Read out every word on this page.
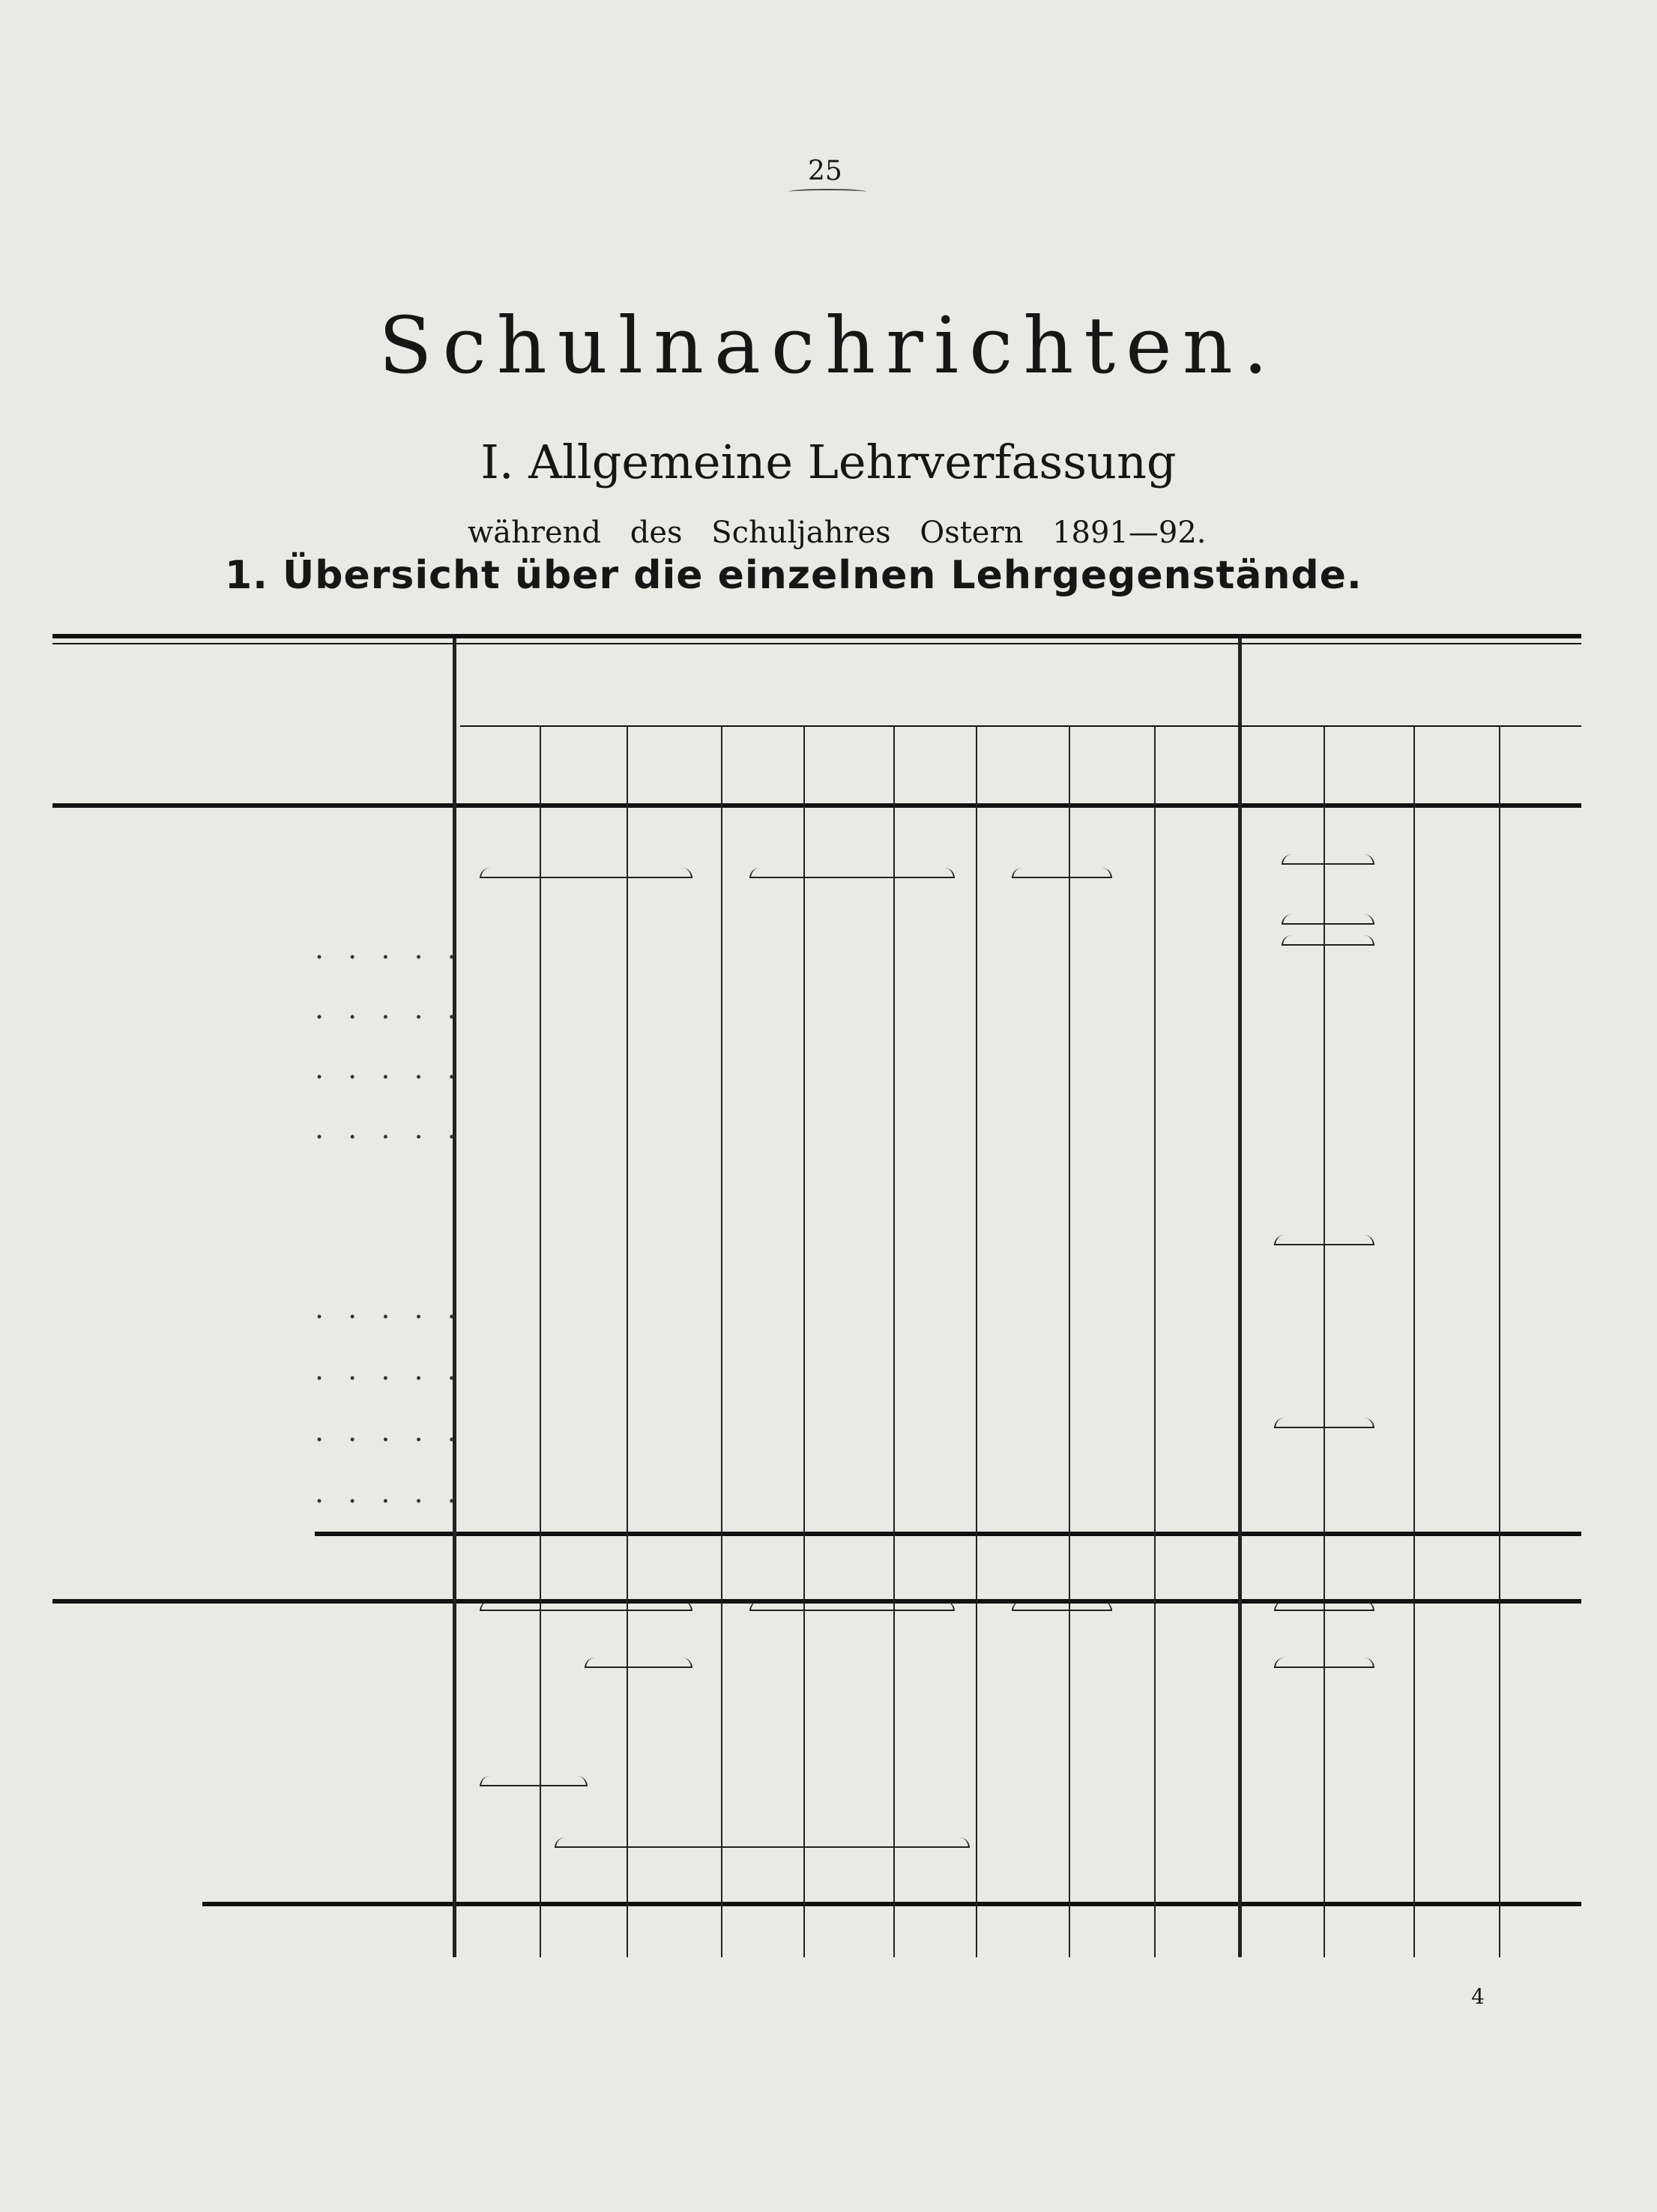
25
Schulnachrichten.
I. Allgemeine Lehrverfassung
während des Schuljahres Ostern 1891—92.
1. Übersicht über die einzelnen Lehrgegenstände.
. . . . .
. . . . .
. . . . .
. . . . .
. . . . .
. . . . .
. . . . .
. . . . .
4
